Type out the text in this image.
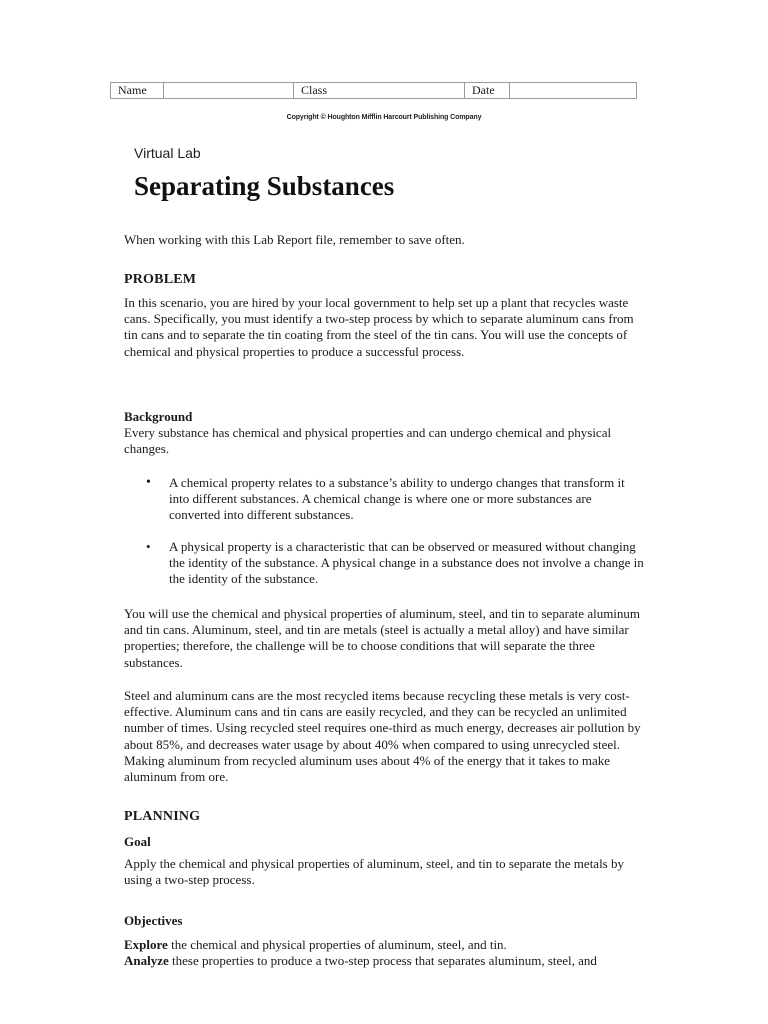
Name	Class	Date
Copyright © Houghton Mifflin Harcourt Publishing Company
Virtual Lab
Separating Substances

When working with this Lab Report file, remember to save often.

PROBLEM

In this scenario, you are hired by your local government to help set up a plant that recycles waste cans. Specifically, you must identify a two-step process by which to separate aluminum cans from tin cans and to separate the tin coating from the steel of the tin cans. You will use the concepts of chemical and physical properties to produce a successful process.

Background

Every substance has chemical and physical properties and can undergo chemical and physical changes.

• A chemical property relates to a substance’s ability to undergo changes that transform it into different substances. A chemical change is where one or more substances are converted into different substances.
• A physical property is a characteristic that can be observed or measured without changing the identity of the substance. A physical change in a substance does not involve a change in the identity of the substance.

You will use the chemical and physical properties of aluminum, steel, and tin to separate aluminum and tin cans. Aluminum, steel, and tin are metals (steel is actually a metal alloy) and have similar properties; therefore, the challenge will be to choose conditions that will separate the three substances.

Steel and aluminum cans are the most recycled items because recycling these metals is very cost-effective. Aluminum cans and tin cans are easily recycled, and they can be recycled an unlimited number of times. Using recycled steel requires one-third as much energy, decreases air pollution by about 85%, and decreases water usage by about 40% when compared to using unrecycled steel. Making aluminum from recycled aluminum uses about 4% of the energy that it takes to make aluminum from ore.

PLANNING
Goal

Apply the chemical and physical properties of aluminum, steel, and tin to separate the metals by using a two-step process.

Objectives

Explore the chemical and physical properties of aluminum, steel, and tin.

Analyze these properties to produce a two-step process that separates aluminum, steel, and
